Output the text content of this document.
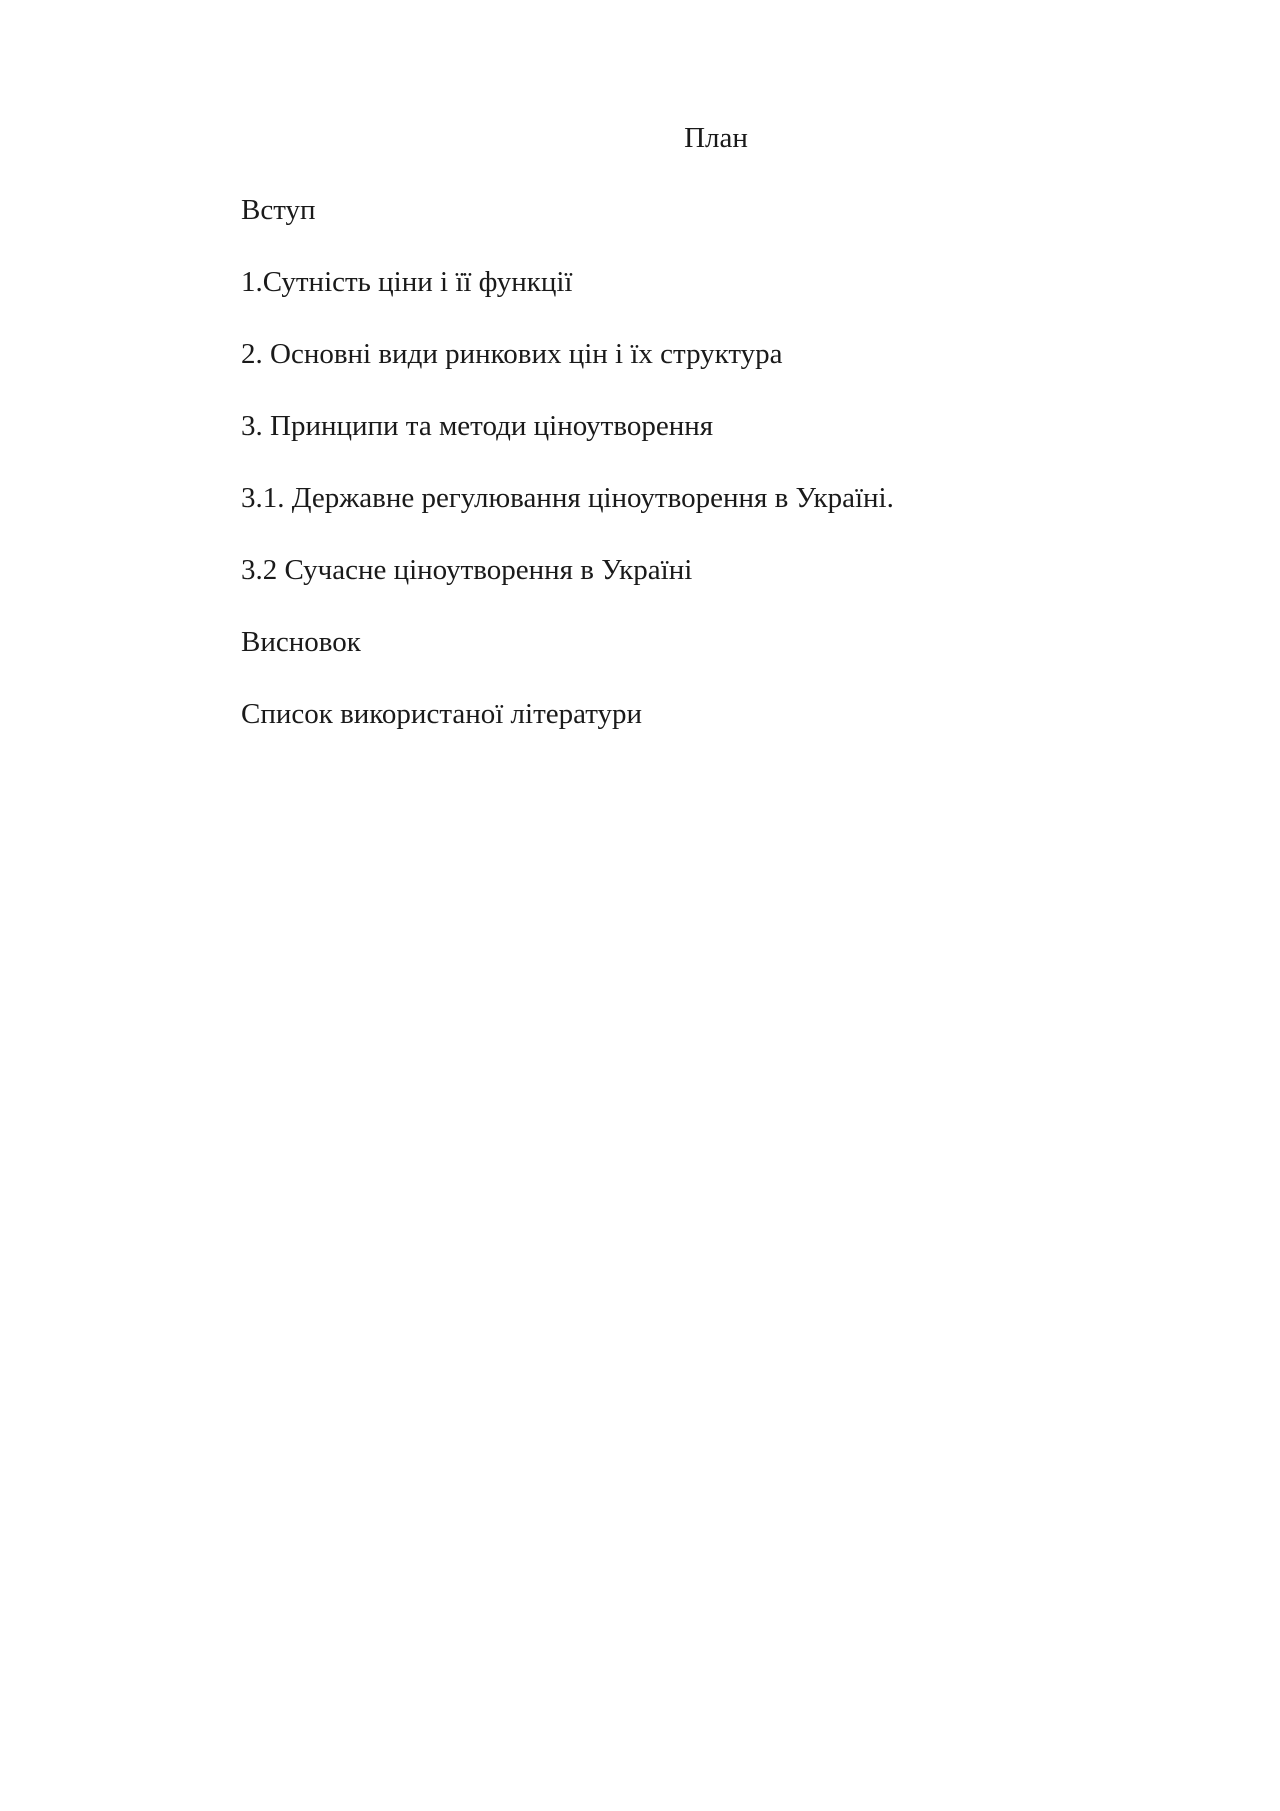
План
Вступ
1.Сутність ціни і її функції
2. Основні види ринкових цін і їх структура
3. Принципи та методи ціноутворення
3.1. Державне регулювання ціноутворення в Україні.
3.2 Сучасне ціноутворення в Україні
Висновок
Список використаної літератури
